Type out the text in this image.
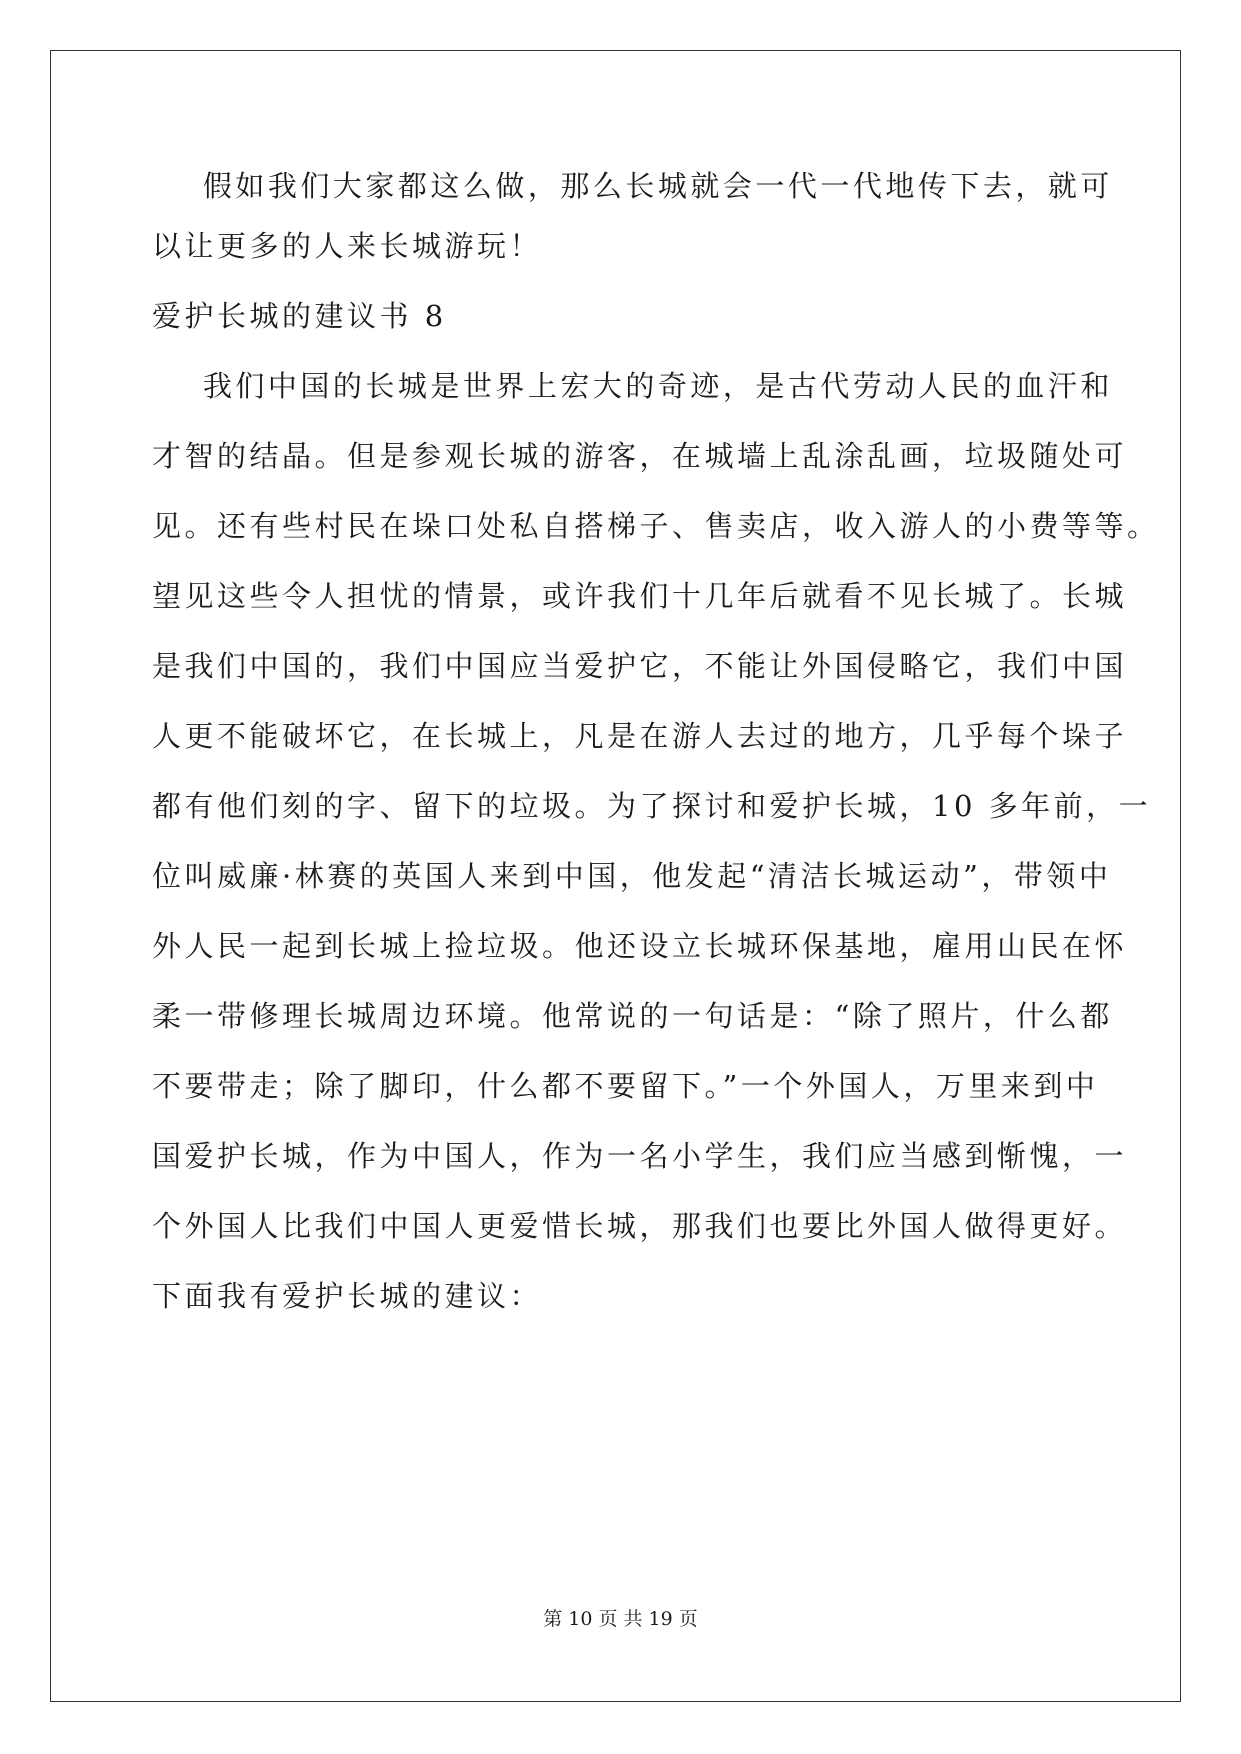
假如我们大家都这么做，那么长城就会一代一代地传下去，就可
以让更多的人来长城游玩！
爱护长城的建议书 8
我们中国的长城是世界上宏大的奇迹，是古代劳动人民的血汗和
才智的结晶。但是参观长城的游客，在城墙上乱涂乱画，垃圾随处可
见。还有些村民在垛口处私自搭梯子、售卖店，收入游人的小费等等。
望见这些令人担忧的情景，或许我们十几年后就看不见长城了。长城
是我们中国的，我们中国应当爱护它，不能让外国侵略它，我们中国
人更不能破坏它，在长城上，凡是在游人去过的地方，几乎每个垛子
都有他们刻的字、留下的垃圾。为了探讨和爱护长城，10 多年前，一
位叫威廉·林赛的英国人来到中国，他发起“清洁长城运动”，带领中
外人民一起到长城上捡垃圾。他还设立长城环保基地，雇用山民在怀
柔一带修理长城周边环境。他常说的一句话是：“除了照片，什么都
不要带走；除了脚印，什么都不要留下。”一个外国人，万里来到中
国爱护长城，作为中国人，作为一名小学生，我们应当感到惭愧，一
个外国人比我们中国人更爱惜长城，那我们也要比外国人做得更好。
下面我有爱护长城的建议：
第 10 页 共 19 页
